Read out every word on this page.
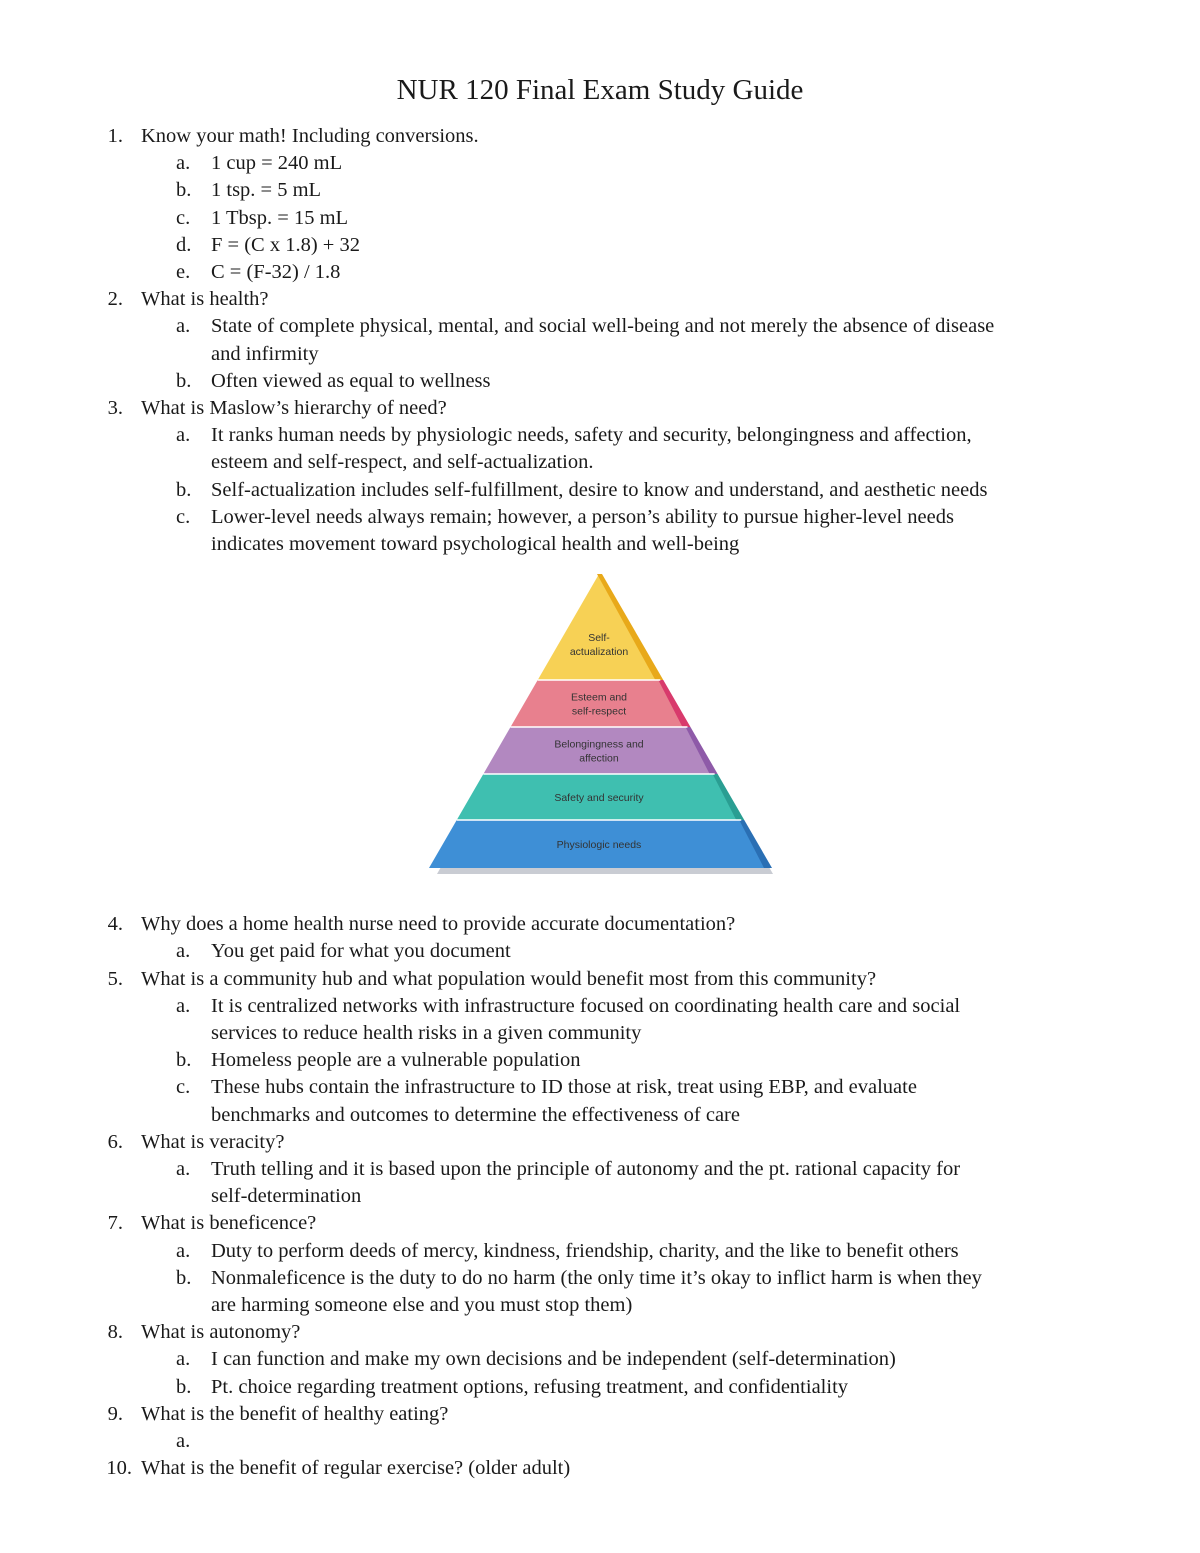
NUR 120 Final Exam Study Guide
1. Know your math! Including conversions.
a. 1 cup = 240 mL
b. 1 tsp. = 5 mL
c. 1 Tbsp. = 15 mL
d. F = (C x 1.8) + 32
e. C = (F-32) / 1.8
2. What is health?
a. State of complete physical, mental, and social well-being and not merely the absence of disease
and infirmity
b. Often viewed as equal to wellness
3. What is Maslow’s hierarchy of need?
a. It ranks human needs by physiologic needs, safety and security, belongingness and affection,
esteem and self-respect, and self-actualization.
b. Self-actualization includes self-fulfillment, desire to know and understand, and aesthetic needs
c. Lower-level needs always remain; however, a person’s ability to pursue higher-level needs
indicates movement toward psychological health and well-being
4. Why does a home health nurse need to provide accurate documentation?
a. You get paid for what you document
5. What is a community hub and what population would benefit most from this community?
a. It is centralized networks with infrastructure focused on coordinating health care and social
services to reduce health risks in a given community
b. Homeless people are a vulnerable population
c. These hubs contain the infrastructure to ID those at risk, treat using EBP, and evaluate
benchmarks and outcomes to determine the effectiveness of care
6. What is veracity?
a. Truth telling and it is based upon the principle of autonomy and the pt. rational capacity for
self-determination
7. What is beneficence?
a. Duty to perform deeds of mercy, kindness, friendship, charity, and the like to benefit others
b. Nonmaleficence is the duty to do no harm (the only time it’s okay to inflict harm is when they
are harming someone else and you must stop them)
8. What is autonomy?
a. I can function and make my own decisions and be independent (self-determination)
b. Pt. choice regarding treatment options, refusing treatment, and confidentiality
9. What is the benefit of healthy eating?
a.
10. What is the benefit of regular exercise? (older adult)
Self-
actualization
Esteem and
self-respect
Belongingness and
affection
Safety and security
Physiologic needs
